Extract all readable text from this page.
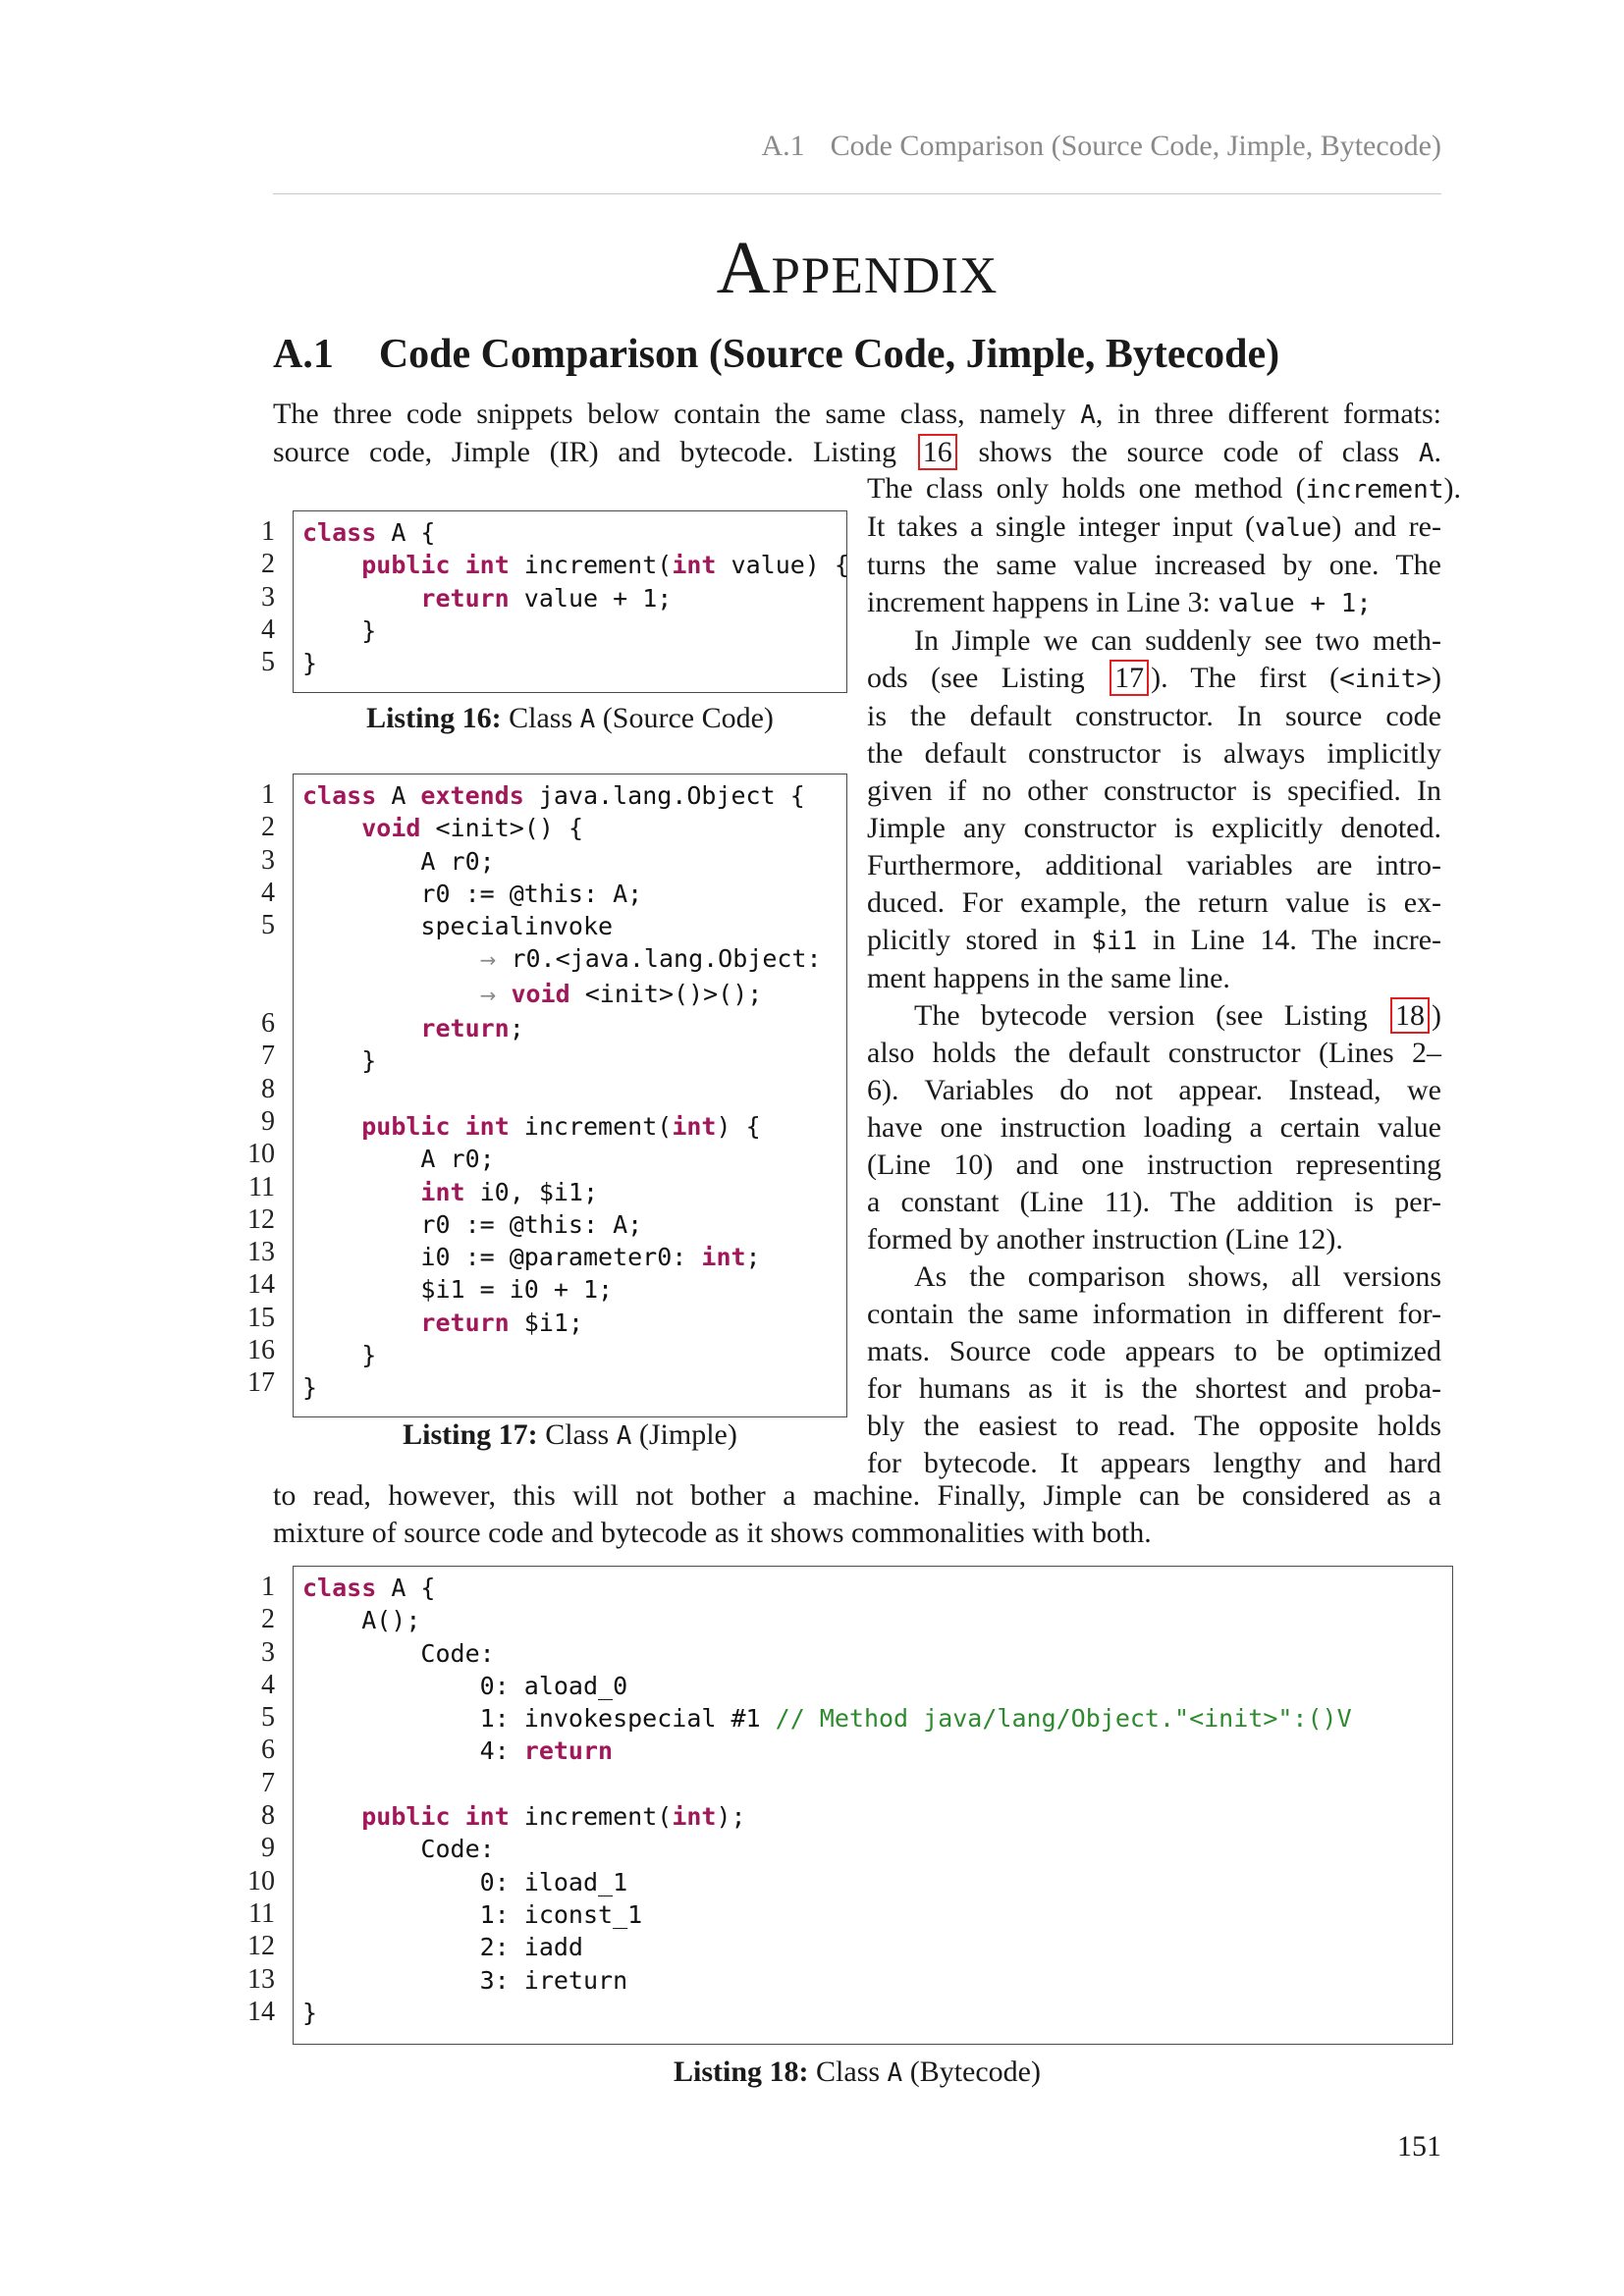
A.1 Code Comparison (Source Code, Jimple, Bytecode)
Appendix
A.1 Code Comparison (Source Code, Jimple, Bytecode)
The three code snippets below contain the same class, namely A, in three different formats:
source code, Jimple (IR) and bytecode. Listing 16 shows the source code of class A.
The class only holds one method (increment).
It takes a single integer input (value) and re-
turns the same value increased by one. The
increment happens in Line 3: value + 1;
In Jimple we can suddenly see two meth-
ods (see Listing 17 ). The first (<init>)
is the default constructor. In source code
the default constructor is always implicitly
given if no other constructor is specified. In
Jimple any constructor is explicitly denoted.
Furthermore, additional variables are intro-
duced. For example, the return value is ex-
plicitly stored in $i1 in Line 14. The incre-
ment happens in the same line.
The bytecode version (see Listing 18 )
also holds the default constructor (Lines 2–
6). Variables do not appear. Instead, we
have one instruction loading a certain value
(Line 10) and one instruction representing
a constant (Line 11). The addition is per-
formed by another instruction (Line 12).
As the comparison shows, all versions
contain the same information in different for-
mats. Source code appears to be optimized
for humans as it is the shortest and proba-
bly the easiest to read. The opposite holds
for bytecode. It appears lengthy and hard
to read, however, this will not bother a machine. Finally, Jimple can be considered as a
mixture of source code and bytecode as it shows commonalities with both.
1
2
3
4
5
class A {
public int increment(int value) {
return value + 1;
}
}
Listing 16: Class A (Source Code)
1
2
3
4
5

6
7
8
9
10
11
12
13
14
15
16
17
class A extends java.lang.Object {
void <init>() {
A r0;
r0 := @this: A;
specialinvoke
→ r0.<java.lang.Object:
→ void <init>()>();
return;
}

public int increment(int) {
A r0;
int i0, $i1;
r0 := @this: A;
i0 := @parameter0: int;
$i1 = i0 + 1;
return $i1;
}
}
Listing 17: Class A (Jimple)
1
2
3
4
5
6
7
8
9
10
11
12
13
14
class A {
A();
Code:
0: aload_0
1: invokespecial #1 // Method java/lang/Object."<init>":()V
4: return

public int increment(int);
Code:
0: iload_1
1: iconst_1
2: iadd
3: ireturn
}
Listing 18: Class A (Bytecode)
151
